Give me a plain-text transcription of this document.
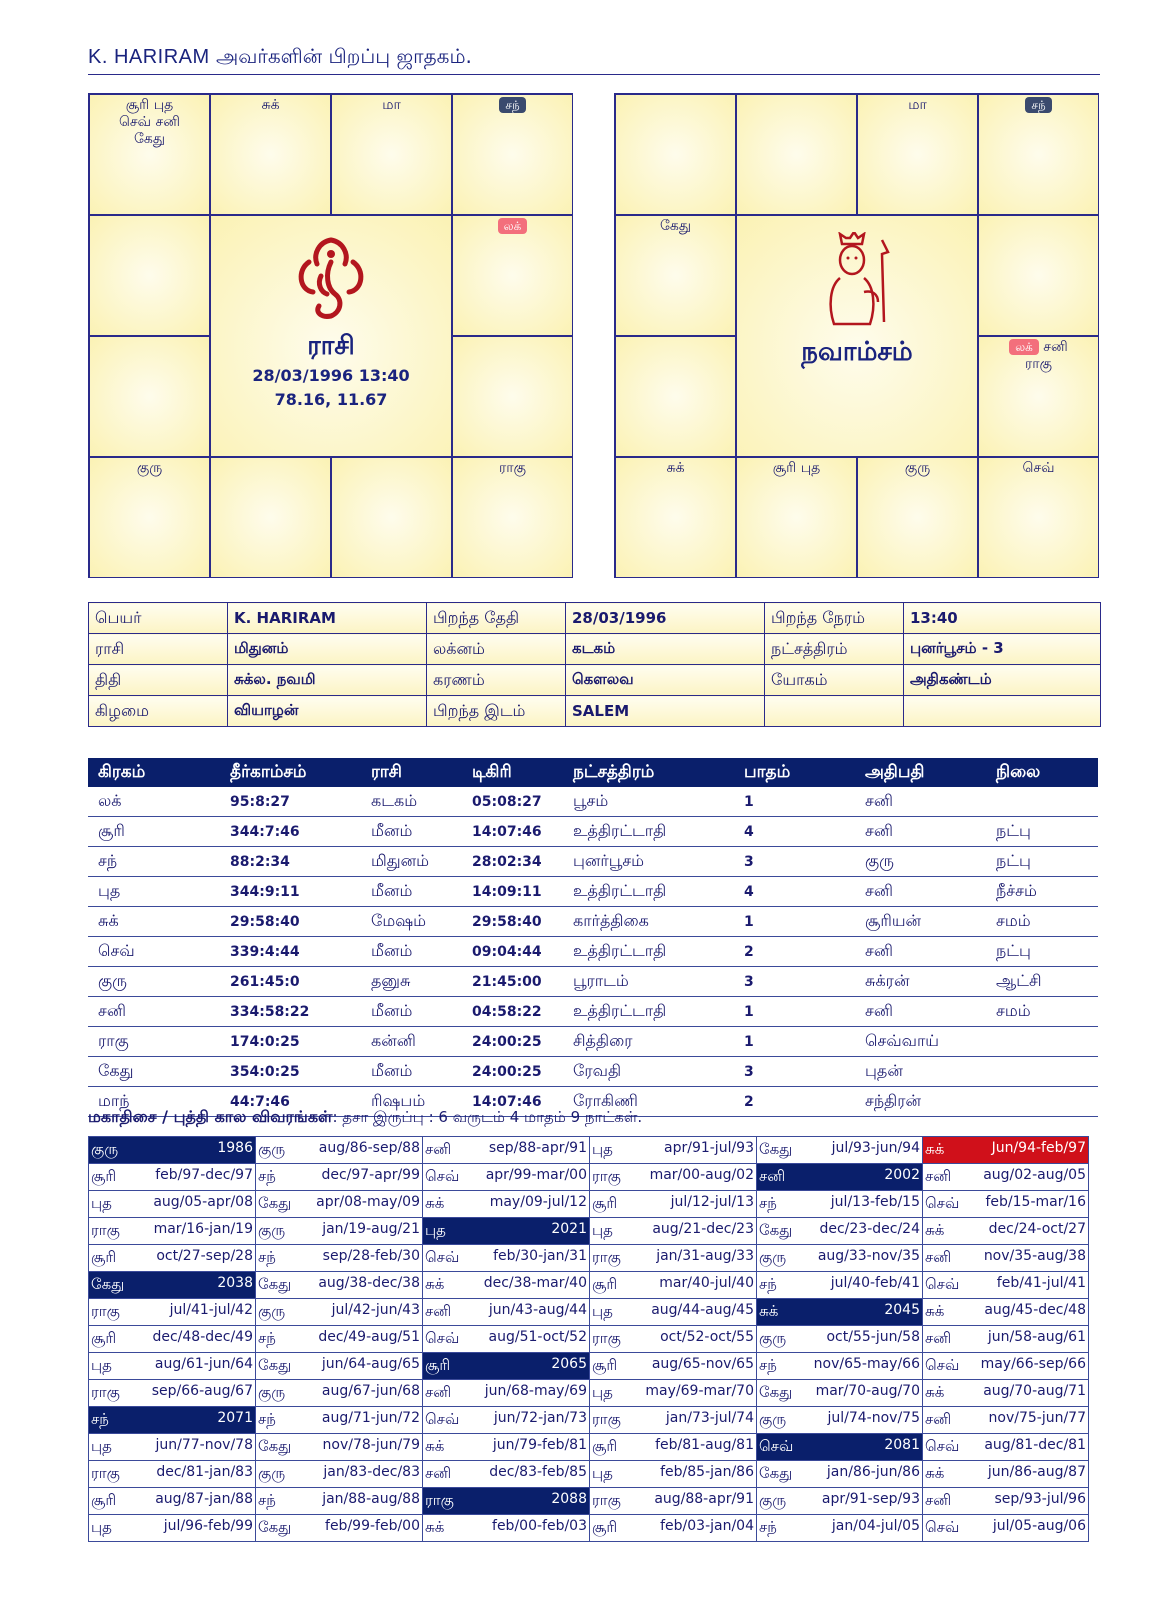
K. HARIRAM அவர்களின் பிறப்பு ஜாதகம்.
சூரி புத
செவ் சனி
கேது
சுக்	மா	சந்
லக்
குரு	ராகு
ராசி
28/03/1996 13:40
78.16, 11.67
மா	சந்
கேது
லக் சனி
ராகு
சுக்	சூரி புத	குரு	செவ்
நவாம்சம்
பெயர்	K. HARIRAM	பிறந்த தேதி	28/03/1996	பிறந்த நேரம்	13:40
ராசி	மிதுனம்	லக்னம்	கடகம்	நட்சத்திரம்	புனர்பூசம் - 3
திதி	சுக்ல. நவமி	கரணம்	கௌலவ	யோகம்	அதிகண்டம்
கிழமை	வியாழன்	பிறந்த இடம்	SALEM		
கிரகம்	தீர்காம்சம்	ராசி	டிகிரி	நட்சத்திரம்	பாதம்	அதிபதி	நிலை
லக்	95:8:27	கடகம்	05:08:27	பூசம்	1	சனி	
சூரி	344:7:46	மீனம்	14:07:46	உத்திரட்டாதி	4	சனி	நட்பு
சந்	88:2:34	மிதுனம்	28:02:34	புனர்பூசம்	3	குரு	நட்பு
புத	344:9:11	மீனம்	14:09:11	உத்திரட்டாதி	4	சனி	நீச்சம்
சுக்	29:58:40	மேஷம்	29:58:40	கார்த்திகை	1	சூரியன்	சமம்
செவ்	339:4:44	மீனம்	09:04:44	உத்திரட்டாதி	2	சனி	நட்பு
குரு	261:45:0	தனுசு	21:45:00	பூராடம்	3	சுக்ரன்	ஆட்சி
சனி	334:58:22	மீனம்	04:58:22	உத்திரட்டாதி	1	சனி	சமம்
ராகு	174:0:25	கன்னி	24:00:25	சித்திரை	1	செவ்வாய்	
கேது	354:0:25	மீனம்	24:00:25	ரேவதி	3	புதன்	
மாந்	44:7:46	ரிஷபம்	14:07:46	ரோகிணி	2	சந்திரன்	
மகாதிசை / புத்தி கால விவரங்கள்: தசா இருப்பு : 6 வருடம் 4 மாதம் 9 நாட்கள்.
குரு 1986	குரு aug/86-sep/88	சனி sep/88-apr/91	புத apr/91-jul/93	கேது jul/93-jun/94	சுக் Jun/94-feb/97

சூரி feb/97-dec/97	சந் dec/97-apr/99	செவ் apr/99-mar/00	ராகு mar/00-aug/02	சனி 2002	சனி aug/02-aug/05

புத aug/05-apr/08	கேது apr/08-may/09	சுக் may/09-jul/12	சூரி jul/12-jul/13	சந் jul/13-feb/15	செவ் feb/15-mar/16

ராகு mar/16-jan/19	குரு jan/19-aug/21	புத 2021	புத aug/21-dec/23	கேது dec/23-dec/24	சுக் dec/24-oct/27

சூரி oct/27-sep/28	சந் sep/28-feb/30	செவ் feb/30-jan/31	ராகு jan/31-aug/33	குரு aug/33-nov/35	சனி nov/35-aug/38

கேது 2038	கேது aug/38-dec/38	சுக் dec/38-mar/40	சூரி mar/40-jul/40	சந் jul/40-feb/41	செவ் feb/41-jul/41

ராகு jul/41-jul/42	குரு jul/42-jun/43	சனி jun/43-aug/44	புத aug/44-aug/45	சுக் 2045	சுக் aug/45-dec/48

சூரி dec/48-dec/49	சந் dec/49-aug/51	செவ் aug/51-oct/52	ராகு oct/52-oct/55	குரு oct/55-jun/58	சனி jun/58-aug/61

புத aug/61-jun/64	கேது jun/64-aug/65	சூரி 2065	சூரி aug/65-nov/65	சந் nov/65-may/66	செவ் may/66-sep/66

ராகு sep/66-aug/67	குரு aug/67-jun/68	சனி jun/68-may/69	புத may/69-mar/70	கேது mar/70-aug/70	சுக் aug/70-aug/71

சந் 2071	சந் aug/71-jun/72	செவ் jun/72-jan/73	ராகு jan/73-jul/74	குரு jul/74-nov/75	சனி nov/75-jun/77

புத jun/77-nov/78	கேது nov/78-jun/79	சுக் jun/79-feb/81	சூரி feb/81-aug/81	செவ் 2081	செவ் aug/81-dec/81

ராகு dec/81-jan/83	குரு jan/83-dec/83	சனி dec/83-feb/85	புத feb/85-jan/86	கேது jan/86-jun/86	சுக் jun/86-aug/87

சூரி aug/87-jan/88	சந் jan/88-aug/88	ராகு 2088	ராகு aug/88-apr/91	குரு apr/91-sep/93	சனி sep/93-jul/96

புத jul/96-feb/99	கேது feb/99-feb/00	சுக் feb/00-feb/03	சூரி feb/03-jan/04	சந் jan/04-jul/05	செவ் jul/05-aug/06
